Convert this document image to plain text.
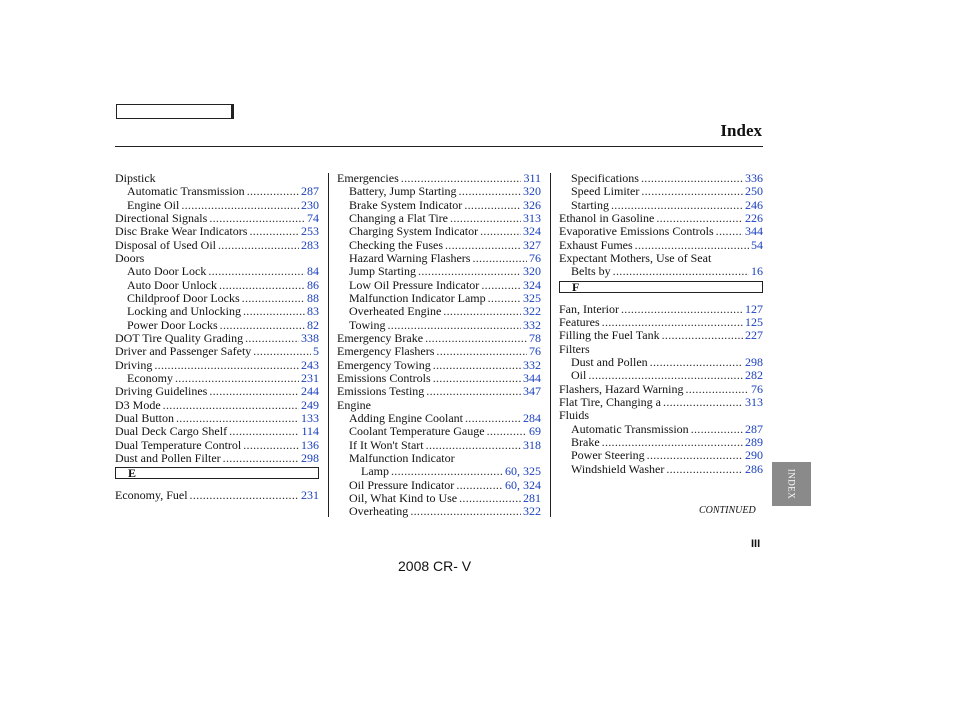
Index
Dipstick
Automatic Transmission .....	287
Engine Oil .....	230
Directional Signals .....	74
Disc Brake Wear Indicators .....	253
Disposal of Used Oil .....	283
Doors
Auto Door Lock .....	84
Auto Door Unlock .....	86
Childproof Door Locks .....	88
Locking and Unlocking .....	83
Power Door Locks .....	82
DOT Tire Quality Grading .....	338
Driver and Passenger Safety .....	5
Driving .....	243
Economy .....	231
Driving Guidelines .....	244
D3 Mode .....	249
Dual Button .....	133
Dual Deck Cargo Shelf .....	114
Dual Temperature Control .....	136
Dust and Pollen Filter .....	298
E
Economy, Fuel .....	231
Emergencies .....	311
Battery, Jump Starting .....	320
Brake System Indicator .....	326
Changing a Flat Tire .....	313
Charging System Indicator .....	324
Checking the Fuses .....	327
Hazard Warning Flashers .....	76
Jump Starting .....	320
Low Oil Pressure Indicator .....	324
Malfunction Indicator Lamp .....	325
Overheated Engine .....	322
Towing .....	332
Emergency Brake .....	78
Emergency Flashers .....	76
Emergency Towing .....	332
Emissions Controls .....	344
Emissions Testing .....	347
Engine
Adding Engine Coolant .....	284
Coolant Temperature Gauge .....	69
If It Won't Start .....	318
Malfunction Indicator
Lamp .....	60, 325
Oil Pressure Indicator .....	60, 324
Oil, What Kind to Use .....	281
Overheating .....	322
Specifications .....	336
Speed Limiter .....	250
Starting .....	246
Ethanol in Gasoline .....	226
Evaporative Emissions Controls .....	344
Exhaust Fumes .....	54
Expectant Mothers, Use of Seat
Belts by .....	16
F
Fan, Interior .....	127
Features .....	125
Filling the Fuel Tank .....	227
Filters
Dust and Pollen .....	298
Oil .....	282
Flashers, Hazard Warning .....	76
Flat Tire, Changing a .....	313
Fluids
Automatic Transmission .....	287
Brake .....	289
Power Steering .....	290
Windshield Washer .....	286
CONTINUED
INDEX
III
2008 CR- V
